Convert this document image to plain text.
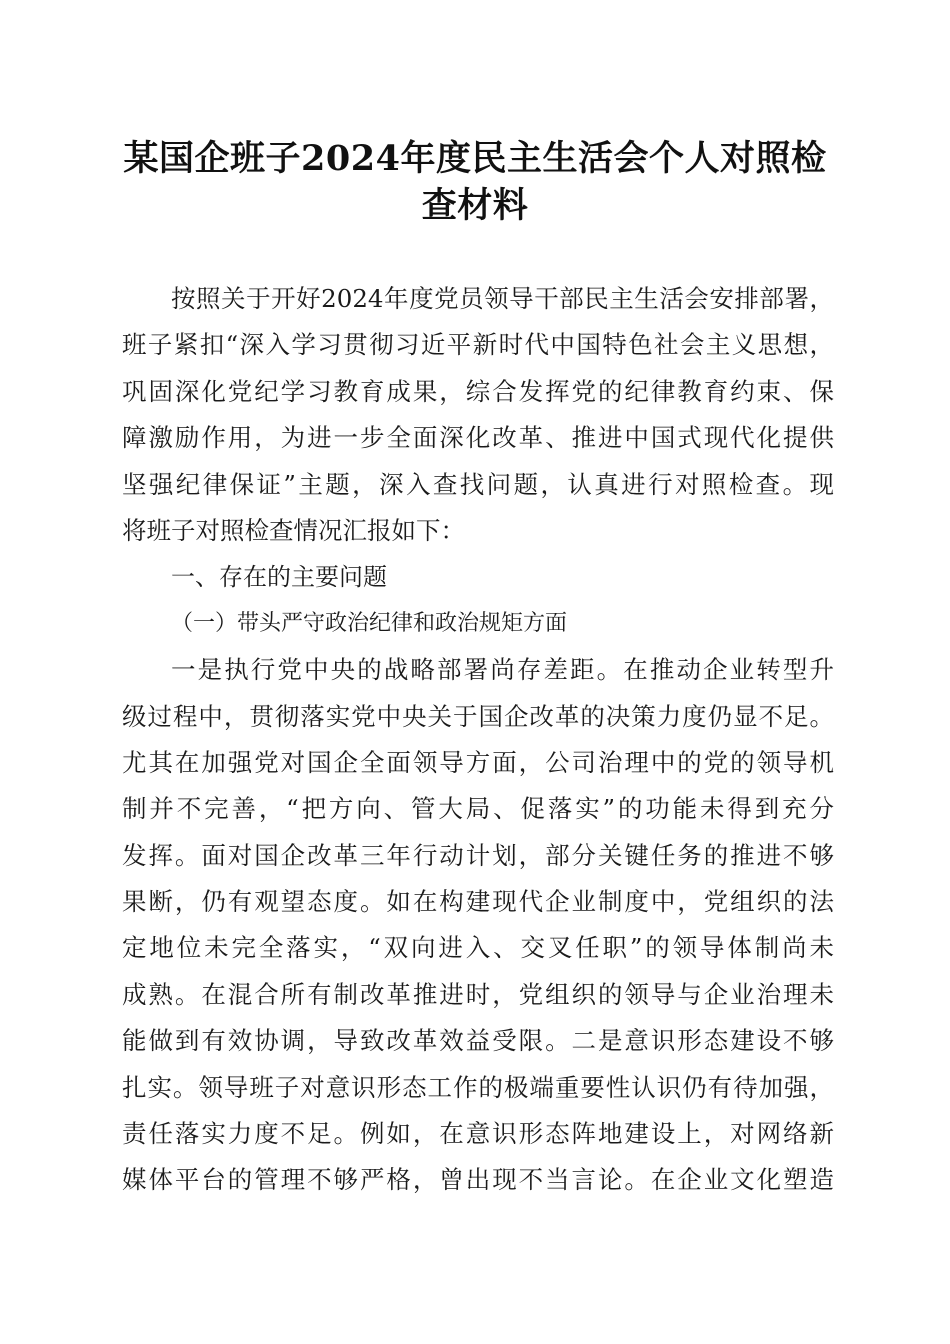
某国企班子2024年度民主生活会个人对照检
查材料
按照关于开好2024年度党员领导干部民主生活会安排部署，
班子紧扣“深入学习贯彻习近平新时代中国特色社会主义思想，
巩固深化党纪学习教育成果，综合发挥党的纪律教育约束、保
障激励作用，为进一步全面深化改革、推进中国式现代化提供
坚强纪律保证”主题，深入查找问题，认真进行对照检查。现
将班子对照检查情况汇报如下：
一、存在的主要问题
（一）带头严守政治纪律和政治规矩方面
一是执行党中央的战略部署尚存差距。在推动企业转型升
级过程中，贯彻落实党中央关于国企改革的决策力度仍显不足。
尤其在加强党对国企全面领导方面，公司治理中的党的领导机
制并不完善，“把方向、管大局、促落实”的功能未得到充分
发挥。面对国企改革三年行动计划，部分关键任务的推进不够
果断，仍有观望态度。如在构建现代企业制度中，党组织的法
定地位未完全落实，“双向进入、交叉任职”的领导体制尚未
成熟。在混合所有制改革推进时，党组织的领导与企业治理未
能做到有效协调，导致改革效益受限。二是意识形态建设不够
扎实。领导班子对意识形态工作的极端重要性认识仍有待加强，
责任落实力度不足。例如，在意识形态阵地建设上，对网络新
媒体平台的管理不够严格，曾出现不当言论。在企业文化塑造
